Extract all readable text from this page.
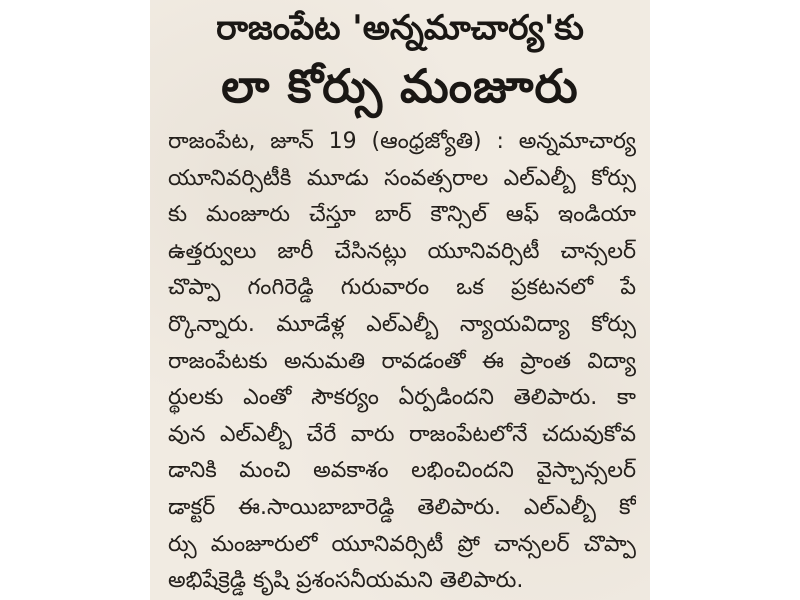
రాజంపేట 'అన్నమాచార్య'కు
లా కోర్సు మంజూరు
రాజంపేట, జూన్ 19 (ఆంధ్రజ్యోతి) : అన్నమాచార్య
యూనివర్సిటీకి మూడు సంవత్సరాల ఎల్ఎల్బీ కోర్సు
కు మంజూరు చేస్తూ బార్ కౌన్సిల్ ఆఫ్ ఇండియా
ఉత్తర్వులు జారీ చేసినట్లు యూనివర్సిటీ చాన్సలర్
చొప్పా గంగిరెడ్డి గురువారం ఒక ప్రకటనలో పే
ర్కొన్నారు. మూడేళ్ల ఎల్ఎల్బీ న్యాయవిద్యా కోర్సు
రాజంపేటకు అనుమతి రావడంతో ఈ ప్రాంత విద్యా
ర్థులకు ఎంతో సౌకర్యం ఏర్పడిందని తెలిపారు. కా
వున ఎల్ఎల్బీ చేరే వారు రాజంపేటలోనే చదువుకోవ
డానికి మంచి అవకాశం లభించిందని వైస్చాన్సలర్
డాక్టర్ ఈ.సాయిబాబారెడ్డి తెలిపారు. ఎల్ఎల్బీ కో
ర్సు మంజూరులో యూనివర్సిటీ ప్రో చాన్సలర్ చొప్పా
అభిషేక్రెడ్డి కృషి ప్రశంసనీయమని తెలిపారు.
